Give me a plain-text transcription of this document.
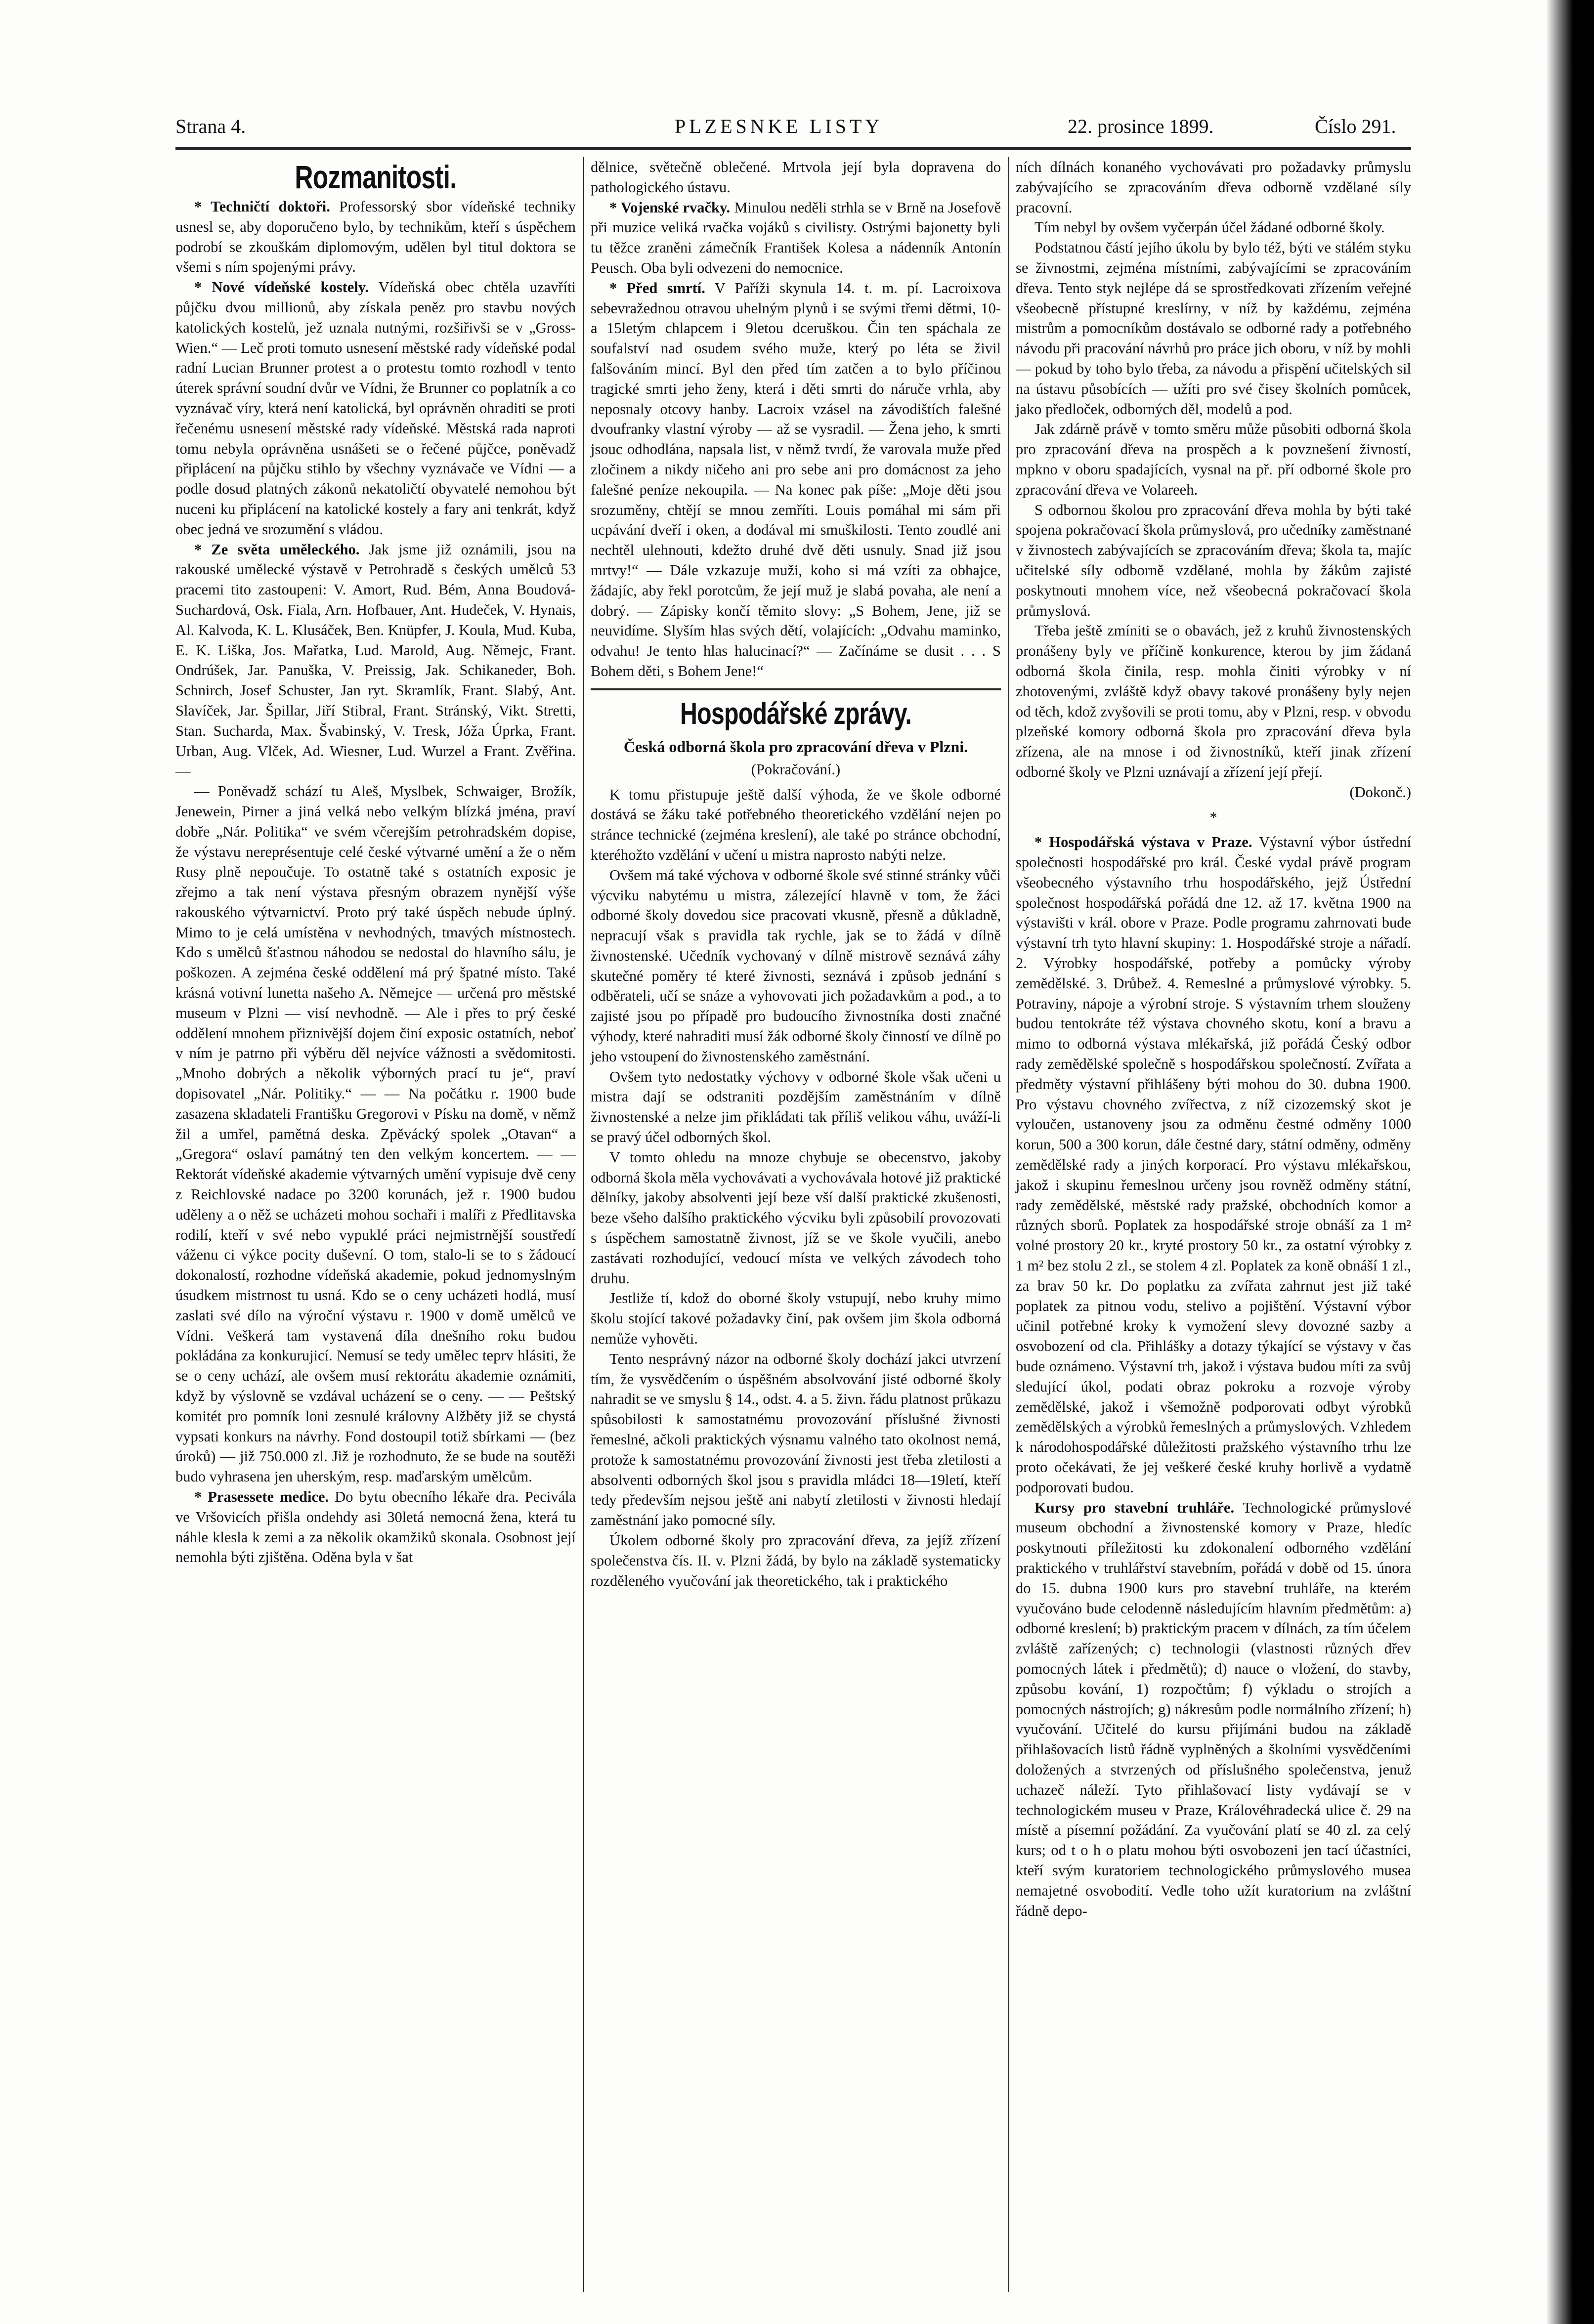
Strana 4.	PLZESNKE LISTY	22. prosince 1899.	Číslo 291.
Rozmanitosti.

* Techničtí doktoři. Professorský sbor vídeňské techniky usnesl se, aby doporučeno bylo, by technikům, kteří s úspěchem podrobí se zkouškám diplomovým, udělen byl titul doktora se všemi s ním spojenými právy.

* Nové vídeňské kostely. Vídeňská obec chtěla uzavříti půjčku dvou millionů, aby získala peněz pro stavbu nových katolických kostelů, jež uznala nutnými, rozšiřivši se v „Gross-Wien.“ — Leč proti tomuto usnesení městské rady vídeňské podal radní Lucian Brunner protest a o protestu tomto rozhodl v tento úterek správní soudní dvůr ve Vídni, že Brunner co poplatník a co vyznávač víry, která není katolická, byl oprávněn ohraditi se proti řečenému usnesení městské rady vídeňské. Městská rada naproti tomu nebyla oprávněna usnášeti se o řečené půjčce, poněvadž připlácení na půjčku stihlo by všechny vyznávače ve Vídni — a podle dosud platných zákonů nekatoličtí obyvatelé nemohou být nuceni ku připlácení na katolické kostely a fary ani tenkrát, když obec jedná ve srozumění s vládou.

* Ze světa uměleckého. Jak jsme již oznámili, jsou na rakouské umělecké výstavě v Petrohradě s českých umělců 53 pracemi tito zastoupeni: V. Amort, Rud. Bém, Anna Boudová-Suchardová, Osk. Fiala, Arn. Hofbauer, Ant. Hudeček, V. Hynais, Al. Kalvoda, K. L. Klusáček, Ben. Knüpfer, J. Koula, Mud. Kuba, E. K. Liška, Jos. Mařatka, Lud. Marold, Aug. Němejc, Frant. Ondrúšek, Jar. Panuška, V. Preissig, Jak. Schikaneder, Boh. Schnirch, Josef Schuster, Jan ryt. Skramlík, Frant. Slabý, Ant. Slavíček, Jar. Špillar, Jiří Stibral, Frant. Stránský, Vikt. Stretti, Stan. Sucharda, Max. Švabinský, V. Tresk, Jóža Úprka, Frant. Urban, Aug. Vlček, Ad. Wiesner, Lud. Wurzel a Frant. Zvěřina. —

— Poněvadž schází tu Aleš, Myslbek, Schwaiger, Brožík, Jenewein, Pirner a jiná velká nebo velkým blízká jména, praví dobře „Nár. Politika“ ve svém včerejším petrohradském dopise, že výstavu nereprésentuje celé české výtvarné umění a že o něm Rusy plně nepoučuje. To ostatně také s ostatních exposic je zřejmo a tak není výstava přesným obrazem nynější výše rakouského výtvarnictví. Proto prý také úspěch nebude úplný. Mimo to je celá umístěna v nevhodných, tmavých místnostech. Kdo s umělců šťastnou náhodou se nedostal do hlavního sálu, je poškozen. A zejména české oddělení má prý špatné místo. Také krásná votivní lunetta našeho A. Němejce — určená pro městské museum v Plzni — visí nevhodně. — Ale i přes to prý české oddělení mnohem přiznivější dojem činí exposic ostatních, neboť v ním je patrno při výběru děl nejvíce vážnosti a svědomitosti. „Mnoho dobrých a několik výborných prací tu je“, praví dopisovatel „Nár. Politiky.“ — — Na počátku r. 1900 bude zasazena skladateli Františku Gregorovi v Písku na domě, v němž žil a umřel, pamětná deska. Zpěvácký spolek „Otavan“ a „Gregora“ oslaví památný ten den velkým koncertem. — — Rektorát vídeňské akademie výtvarných umění vypisuje dvě ceny z Reichlovské nadace po 3200 korunách, jež r. 1900 budou uděleny a o něž se ucházeti mohou sochaři i malíři z Předlitavska rodilí, kteří v své nebo vypuklé práci nejmistrnější soustředí váženu ci výkce pocity duševní. O tom, stalo-li se to s žádoucí dokonalostí, rozhodne vídeňská akademie, pokud jednomyslným úsudkem mistrnost tu usná. Kdo se o ceny ucházeti hodlá, musí zaslati své dílo na výroční výstavu r. 1900 v domě umělců ve Vídni. Veškerá tam vystavená díla dnešního roku budou pokládána za konkurujicí. Nemusí se tedy umělec teprv hlásiti, že se o ceny uchází, ale ovšem musí rektorátu akademie oznámiti, když by výslovně se vzdával ucházení se o ceny. — — Peštský komitét pro pomník loni zesnulé královny Alžběty již se chystá vypsati konkurs na návrhy. Fond dostoupil totiž sbírkami — (bez úroků) — již 750.000 zl. Již je rozhodnuto, že se bude na soutěži budo vyhrasena jen uherským, resp. maďarským umělcům.

* Prasessete medice. Do bytu obecního lékaře dra. Pecivála ve Vršovicích přišla ondehdy asi 30letá nemocná žena, která tu náhle klesla k zemi a za několik okamžiků skonala. Osobnost její nemohla býti zjištěna. Oděna byla v šat

dělnice, světečně oblečené. Mrtvola její byla dopravena do pathologického ústavu.

* Vojenské rvačky. Minulou neděli strhla se v Brně na Josefově při muzice veliká rvačka vojáků s civilisty. Ostrými bajonetty byli tu těžce zraněni zámečník František Kolesa a nádenník Antonín Peusch. Oba byli odvezeni do nemocnice.

* Před smrtí. V Paříži skynula 14. t. m. pí. Lacroixova sebevražednou otravou uhelným plynů i se svými třemi dětmi, 10- a 15letým chlapcem i 9letou dceruškou. Čin ten spáchala ze soufalství nad osudem svého muže, který po léta se živil falšováním mincí. Byl den před tím zatčen a to bylo příčinou tragické smrti jeho ženy, která i děti smrti do náruče vrhla, aby neposnaly otcovy hanby. Lacroix vzásel na závodištích falešné dvoufranky vlastní výroby — až se vysradil. — Žena jeho, k smrti jsouc odhodlána, napsala list, v němž tvrdí, že varovala muže před zločinem a nikdy ničeho ani pro sebe ani pro domácnost za jeho falešné peníze nekoupila. — Na konec pak píše: „Moje děti jsou srozuměny, chtějí se mnou zemříti. Louis pomáhal mi sám při ucpávání dveří i oken, a dodával mi smuškilosti. Tento zoudlé ani nechtěl ulehnouti, kdežto druhé dvě děti usnuly. Snad již jsou mrtvy!“ — Dále vzkazuje muži, koho si má vzíti za obhajce, žádajíc, aby řekl porotcům, že její muž je slabá povaha, ale není a dobrý. — Zápisky končí těmito slovy: „S Bohem, Jene, již se neuvidíme. Slyším hlas svých dětí, volajících: „Odvahu maminko, odvahu! Je tento hlas halucinací?“ — Začínáme se dusit . . . S Bohem děti, s Bohem Jene!“

Hospodářské zprávy.
Česká odborná škola pro zpracování dřeva v Plzni.
(Pokračování.)

K tomu přistupuje ještě další výhoda, že ve škole odborné dostává se žáku také potřebného theoretického vzdělání nejen po stránce technické (zejména kreslení), ale také po stránce obchodní, kteréhožto vzdělání v učení u mistra naprosto nabýti nelze.

Ovšem má také výchova v odborné škole své stinné stránky vůči výcviku nabytému u mistra, zálezející hlavně v tom, že žáci odborné školy dovedou sice pracovati vkusně, přesně a důkladně, nepracují však s pravidla tak rychle, jak se to žádá v dílně živnostenské. Učedník vychovaný v dílně mistrově seznává záhy skutečné poměry té které živnosti, seznává i způsob jednání s odběrateli, učí se snáze a vyhovovati jich požadavkům a pod., a to zajisté jsou po případě pro budoucího živnostníka dosti značné výhody, které nahraditi musí žák odborné školy činností ve dílně po jeho vstoupení do živnostenského zaměstnání.

Ovšem tyto nedostatky výchovy v odborné škole však učeni u mistra dají se odstraniti pozdějším zaměstnáním v dílně živnostenské a nelze jim přikládati tak příliš velikou váhu, uváží-li se pravý účel odborných škol.

V tomto ohledu na mnoze chybuje se obecenstvo, jakoby odborná škola měla vychovávati a vychovávala hotové již praktické dělníky, jakoby absolventi její beze vší další praktické zkušenosti, beze všeho dalšího praktického výcviku byli způsobilí provozovati s úspěchem samostatně živnost, jíž se ve škole vyučili, anebo zastávati rozhodující, vedoucí místa ve velkých závodech toho druhu.

Jestliže tí, kdož do oborné školy vstupují, nebo kruhy mimo školu stojící takové požadavky činí, pak ovšem jim škola odborná nemůže vyhověti.

Tento nesprávný názor na odborné školy dochází jakci utvrzení tím, že vysvědčením o úspěšném absolvování jisté odborné školy nahradit se ve smyslu § 14., odst. 4. a 5. živn. řádu platnost průkazu spůsobilosti k samostatnému provozování příslušné živnosti řemeslné, ačkoli praktických výsnamu valného tato okolnost nemá, protože k samostatnému provozování živnosti jest třeba zletilosti a absolventi odborných škol jsou s pravidla mládci 18—19letí, kteří tedy především nejsou ještě ani nabytí zletilosti v živnosti hledají zaměstnání jako pomocné síly.

Úkolem odborné školy pro zpracování dřeva, za jejíž zřízení společenstva čís. II. v. Plzni žádá, by bylo na základě systematicky rozděleného vyučování jak theoretického, tak i praktického

ních dílnách konaného vychovávati pro požadavky průmyslu zabývajícího se zpracováním dřeva odborně vzdělané síly pracovní.

Tím nebyl by ovšem vyčerpán účel žádané odborné školy.

Podstatnou částí jejího úkolu by bylo též, býti ve stálém styku se živnostmi, zejména místními, zabývajícími se zpracováním dřeva. Tento styk nejlépe dá se sprostředkovati zřízením veřejné všeobecně přístupné kreslírny, v níž by každému, zejména mistrům a pomocníkům dostávalo se odborné rady a potřebného návodu při pracování návrhů pro práce jich oboru, v níž by mohli — pokud by toho bylo třeba, za návodu a přispění učitelských sil na ústavu působících — užíti pro své čisey školních pomůcek, jako předloček, odborných děl, modelů a pod.

Jak zdárně právě v tomto směru může působiti odborná škola pro zpracování dřeva na prospěch a k povznešení živností, mpkno v oboru spadajících, vysnal na př. pří odborné škole pro zpracování dřeva ve Volareeh.

S odbornou školou pro zpracování dřeva mohla by býti také spojena pokračovací škola průmyslová, pro učedníky zaměstnané v živnostech zabývajících se zpracováním dřeva; škola ta, majíc učitelské síly odborně vzdělané, mohla by žákům zajisté poskytnouti mnohem více, než všeobecná pokračovací škola průmyslová.

Třeba ještě zmíniti se o obavách, jež z kruhů živnostenských pronášeny byly ve příčině konkurence, kterou by jim žádaná odborná škola činila, resp. mohla činiti výrobky v ní zhotovenými, zvláště když obavy takové pronášeny byly nejen od těch, kdož zvyšovili se proti tomu, aby v Plzni, resp. v obvodu plzeňské komory odborná škola pro zpracování dřeva byla zřízena, ale na mnose i od živnostníků, kteří jinak zřízení odborné školy ve Plzni uznávají a zřízení její přejí.

(Dokonč.)
*

* Hospodářská výstava v Praze. Výstavní výbor ústřední společnosti hospodářské pro král. České vydal právě program všeobecného výstavního trhu hospodářského, jejž Ústřední společnost hospodářská pořádá dne 12. až 17. května 1900 na výstavišti v král. obore v Praze. Podle programu zahrnovati bude výstavní trh tyto hlavní skupiny: 1. Hospodářské stroje a nářadí. 2. Výrobky hospodářské, potřeby a pomůcky výroby zemědělské. 3. Drůbež. 4. Remeslné a průmyslové výrobky. 5. Potraviny, nápoje a výrobní stroje. S výstavním trhem slouženy budou tentokráte též výstava chovného skotu, koní a bravu a mimo to odborná výstava mlékařská, již pořádá Český odbor rady zemědělské společně s hospodářskou společností. Zvířata a předměty výstavní přihlášeny býti mohou do 30. dubna 1900. Pro výstavu chovného zvířectva, z níž cizozemský skot je vyloučen, ustanoveny jsou za odměnu čestné odměny 1000 korun, 500 a 300 korun, dále čestné dary, státní odměny, odměny zemědělské rady a jiných korporací. Pro výstavu mlékařskou, jakož i skupinu řemeslnou určeny jsou rovněž odměny státní, rady zemědělské, městské rady pražské, obchodních komor a různých sborů. Poplatek za hospodářské stroje obnáší za 1 m² volné prostory 20 kr., kryté prostory 50 kr., za ostatní výrobky z 1 m² bez stolu 2 zl., se stolem 4 zl. Poplatek za koně obnáší 1 zl., za brav 50 kr. Do poplatku za zvířata zahrnut jest již také poplatek za pitnou vodu, stelivo a pojištění. Výstavní výbor učinil potřebné kroky k vymožení slevy dovozné sazby a osvobození od cla. Přihlášky a dotazy týkající se výstavy v čas bude oznámeno. Výstavní trh, jakož i výstava budou míti za svůj sledující úkol, podati obraz pokroku a rozvoje výroby zemědělské, jakož i všemožně podporovati odbyt výrobků zemědělských a výrobků řemeslných a průmyslových. Vzhledem k národohospodářské důležitosti pražského výstavního trhu lze proto očekávati, že jej veškeré české kruhy horlivě a vydatně podporovati budou.

Kursy pro stavební truhláře. Technologické průmyslové museum obchodní a živnostenské komory v Praze, hledíc poskytnouti příležitosti ku zdokonalení odborného vzdělání praktického v truhlářství stavebním, pořádá v době od 15. února do 15. dubna 1900 kurs pro stavební truhláře, na kterém vyučováno bude celodenně následujícím hlavním předmětům: a) odborné kreslení; b) praktickým pracem v dílnách, za tím účelem zvláště zařízených; c) technologii (vlastnosti různých dřev pomocných látek i předmětů); d) nauce o vložení, do stavby, způsobu kování, 1) rozpočtům; f) výkladu o strojích a pomocných nástrojích; g) nákresům podle normálního zřízení; h) vyučování. Učitelé do kursu přijímáni budou na základě přihlašovacích listů řádně vyplněných a školními vysvědčeními doložených a stvrzených od příslušného společenstva, jenuž uchazeč náleží. Tyto přihlašovací listy vydávají se v technologickém museu v Praze, Královéhradecká ulice č. 29 na místě a písemní požádání. Za vyučování platí se 40 zl. za celý kurs; od t o h o platu mohou býti osvobozeni jen tací účastníci, kteří svým kuratoriem technologického průmyslového musea nemajetné osvobodití. Vedle toho užít kuratorium na zvláštní řádně depo-
